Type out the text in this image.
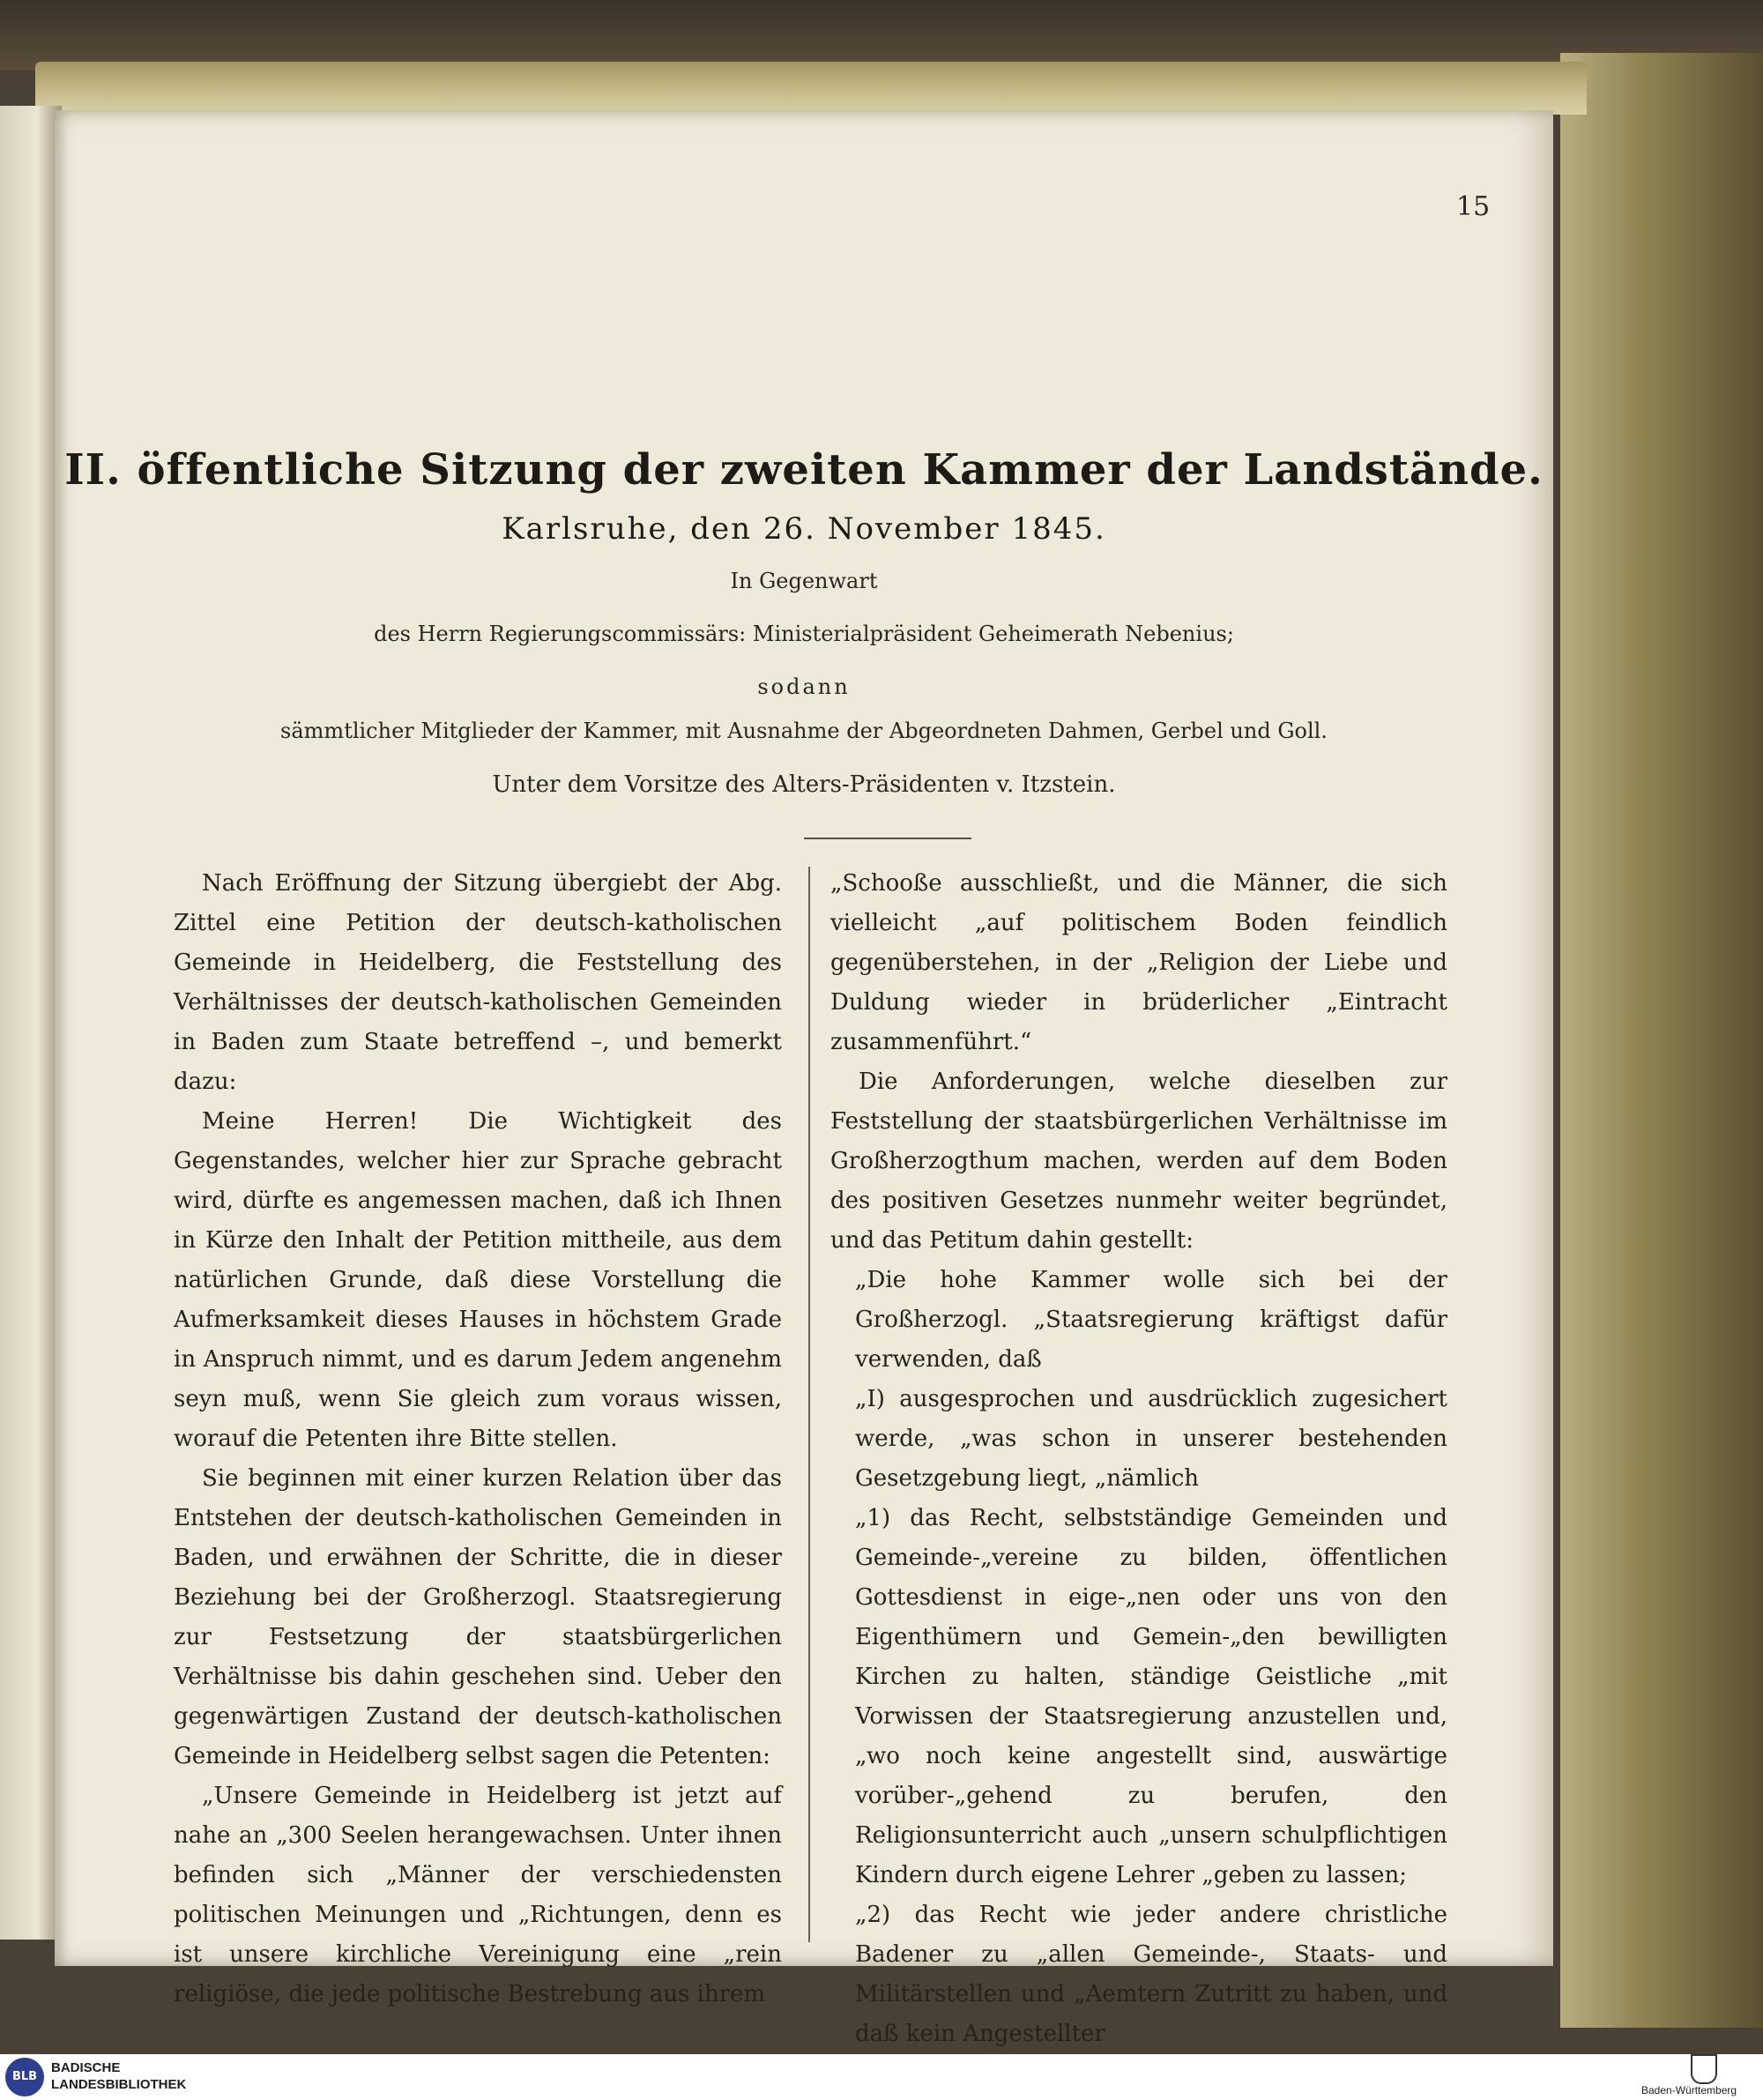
15
II. öffentliche Sitzung der zweiten Kammer der Landstände.
Karlsruhe, den 26. November 1845.
In Gegenwart
des Herrn Regierungscommissärs: Ministerialpräsident Geheimerath Nebenius;
sodann
sämmtlicher Mitglieder der Kammer, mit Ausnahme der Abgeordneten Dahmen, Gerbel und Goll.
Unter dem Vorsitze des Alters-Präsidenten v. Itzstein.

Nach Eröffnung der Sitzung übergiebt der Abg. Zittel eine Petition der deutsch-katholischen Gemeinde in Heidelberg, die Feststellung des Verhältnisses der deutsch-katholischen Gemeinden in Baden zum Staate betreffend –, und bemerkt dazu:

Meine Herren! Die Wichtigkeit des Gegenstandes, welcher hier zur Sprache gebracht wird, dürfte es angemessen machen, daß ich Ihnen in Kürze den Inhalt der Petition mittheile, aus dem natürlichen Grunde, daß diese Vorstellung die Aufmerksamkeit dieses Hauses in höchstem Grade in Anspruch nimmt, und es darum Jedem angenehm seyn muß, wenn Sie gleich zum voraus wissen, worauf die Petenten ihre Bitte stellen.

Sie beginnen mit einer kurzen Relation über das Entstehen der deutsch-katholischen Gemeinden in Baden, und erwähnen der Schritte, die in dieser Beziehung bei der Großherzogl. Staatsregierung zur Festsetzung der staatsbürgerlichen Verhältnisse bis dahin geschehen sind. Ueber den gegenwärtigen Zustand der deutsch-katholischen Gemeinde in Heidelberg selbst sagen die Petenten:

„Unsere Gemeinde in Heidelberg ist jetzt auf nahe an „300 Seelen herangewachsen. Unter ihnen befinden sich „Männer der verschiedensten politischen Meinungen und „Richtungen, denn es ist unsere kirchliche Vereinigung eine „rein religiöse, die jede politische Bestrebung aus ihrem

„Schooße ausschließt, und die Männer, die sich vielleicht „auf politischem Boden feindlich gegenüberstehen, in der „Religion der Liebe und Duldung wieder in brüderlicher „Eintracht zusammenführt.“

Die Anforderungen, welche dieselben zur Feststellung der staatsbürgerlichen Verhältnisse im Großherzogthum machen, werden auf dem Boden des positiven Gesetzes nunmehr weiter begründet, und das Petitum dahin gestellt:

„Die hohe Kammer wolle sich bei der Großherzogl. „Staatsregierung kräftigst dafür verwenden, daß

„I) ausgesprochen und ausdrücklich zugesichert werde, „was schon in unserer bestehenden Gesetzgebung liegt, „nämlich

„1) das Recht, selbstständige Gemeinden und Gemeinde-„vereine zu bilden, öffentlichen Gottesdienst in eige-„nen oder uns von den Eigenthümern und Gemein-„den bewilligten Kirchen zu halten, ständige Geistliche „mit Vorwissen der Staatsregierung anzustellen und, „wo noch keine angestellt sind, auswärtige vorüber-„gehend zu berufen, den Religionsunterricht auch „unsern schulpflichtigen Kindern durch eigene Lehrer „geben zu lassen;

„2) das Recht wie jeder andere christliche Badener zu „allen Gemeinde-, Staats- und Militärstellen und „Aemtern Zutritt zu haben, und daß kein Angestellter

BLB
BADISCHE
LANDESBIBLIOTHEK	Baden-Württemberg
